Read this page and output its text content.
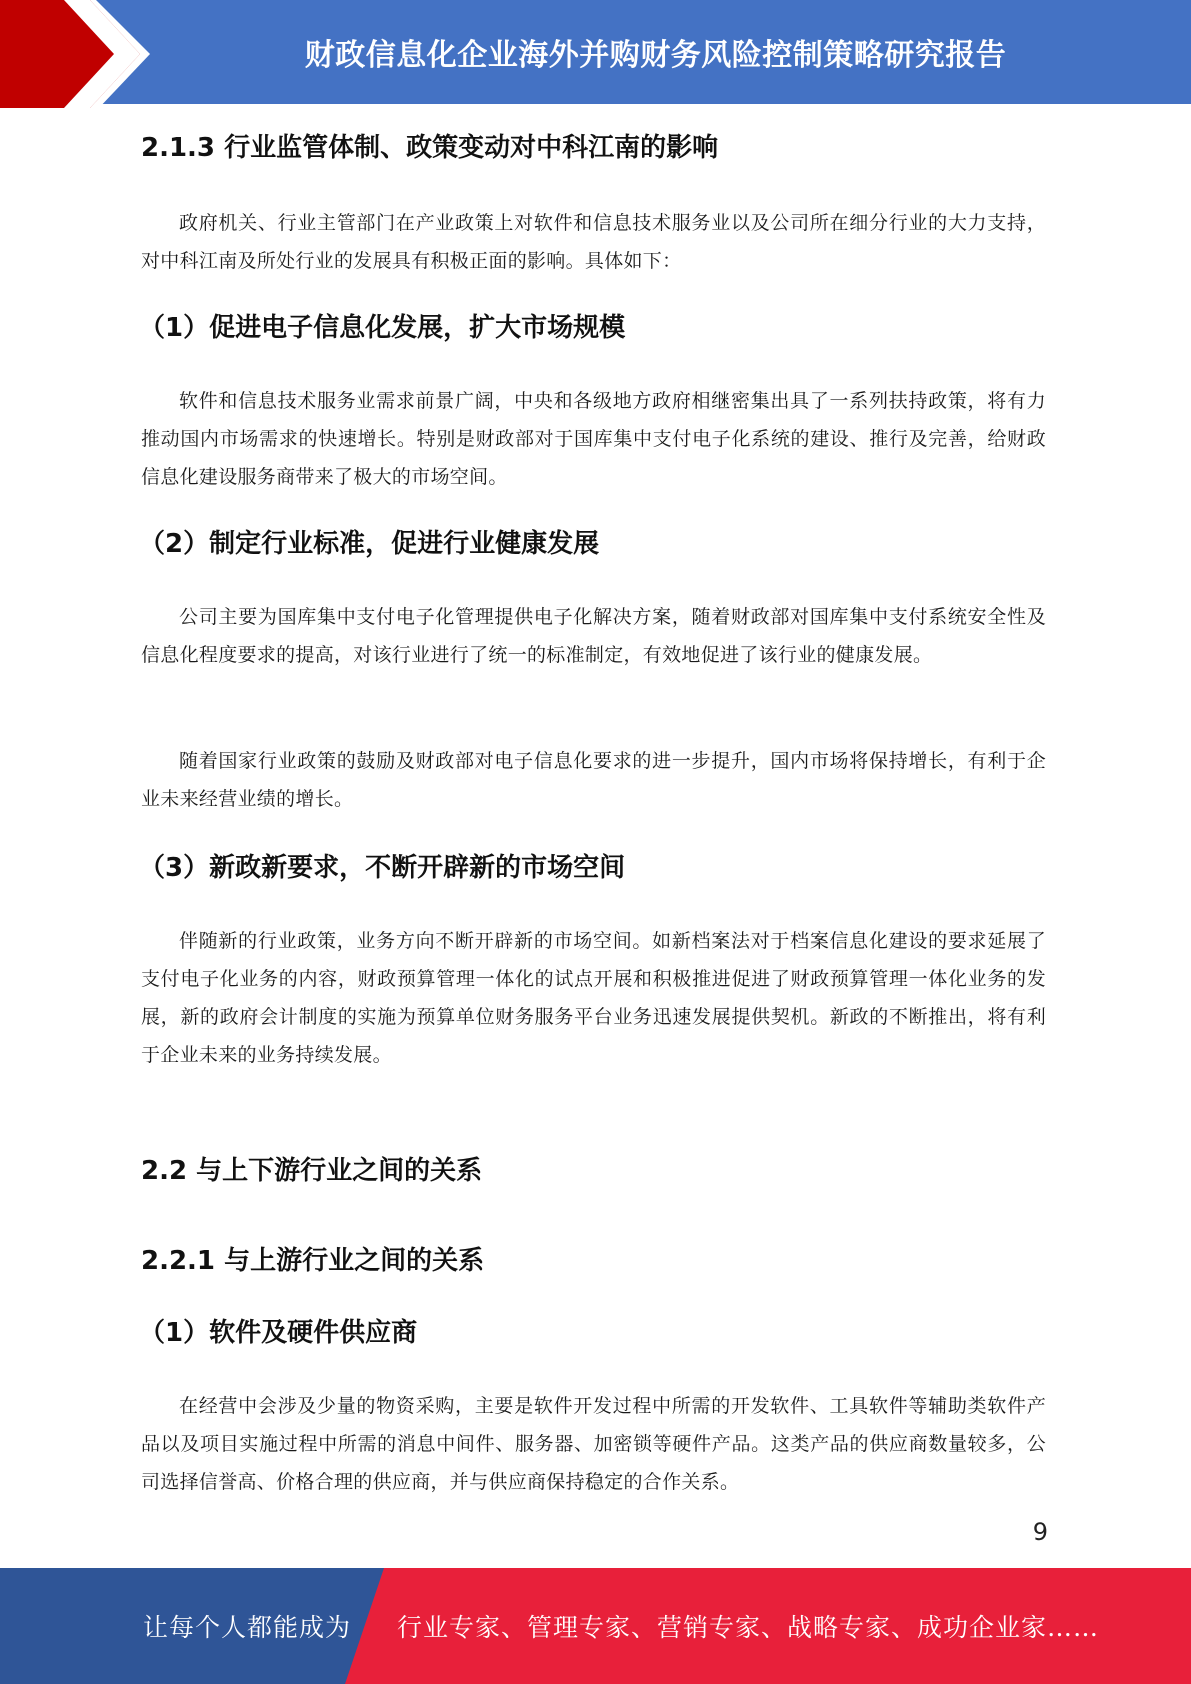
财政信息化企业海外并购财务风险控制策略研究报告
2.1.3 行业监管体制、政策变动对中科江南的影响

政府机关、行业主管部门在产业政策上对软件和信息技术服务业以及公司所在细分行业的大力支持，对中科江南及所处行业的发展具有积极正面的影响。具体如下：

（1）促进电子信息化发展，扩大市场规模

软件和信息技术服务业需求前景广阔，中央和各级地方政府相继密集出具了一系列扶持政策，将有力推动国内市场需求的快速增长。特别是财政部对于国库集中支付电子化系统的建设、推行及完善，给财政信息化建设服务商带来了极大的市场空间。

（2）制定行业标准，促进行业健康发展

公司主要为国库集中支付电子化管理提供电子化解决方案，随着财政部对国库集中支付系统安全性及信息化程度要求的提高，对该行业进行了统一的标准制定，有效地促进了该行业的健康发展。

随着国家行业政策的鼓励及财政部对电子信息化要求的进一步提升，国内市场将保持增长，有利于企业未来经营业绩的增长。

（3）新政新要求，不断开辟新的市场空间

伴随新的行业政策，业务方向不断开辟新的市场空间。如新档案法对于档案信息化建设的要求延展了支付电子化业务的内容，财政预算管理一体化的试点开展和积极推进促进了财政预算管理一体化业务的发展，新的政府会计制度的实施为预算单位财务服务平台业务迅速发展提供契机。新政的不断推出，将有利于企业未来的业务持续发展。

2.2 与上下游行业之间的关系
2.2.1 与上游行业之间的关系
（1）软件及硬件供应商

在经营中会涉及少量的物资采购，主要是软件开发过程中所需的开发软件、工具软件等辅助类软件产品以及项目实施过程中所需的消息中间件、服务器、加密锁等硬件产品。这类产品的供应商数量较多，公司选择信誉高、价格合理的供应商，并与供应商保持稳定的合作关系。

9
让每个人都能成为 行业专家、管理专家、营销专家、战略专家、成功企业家……
